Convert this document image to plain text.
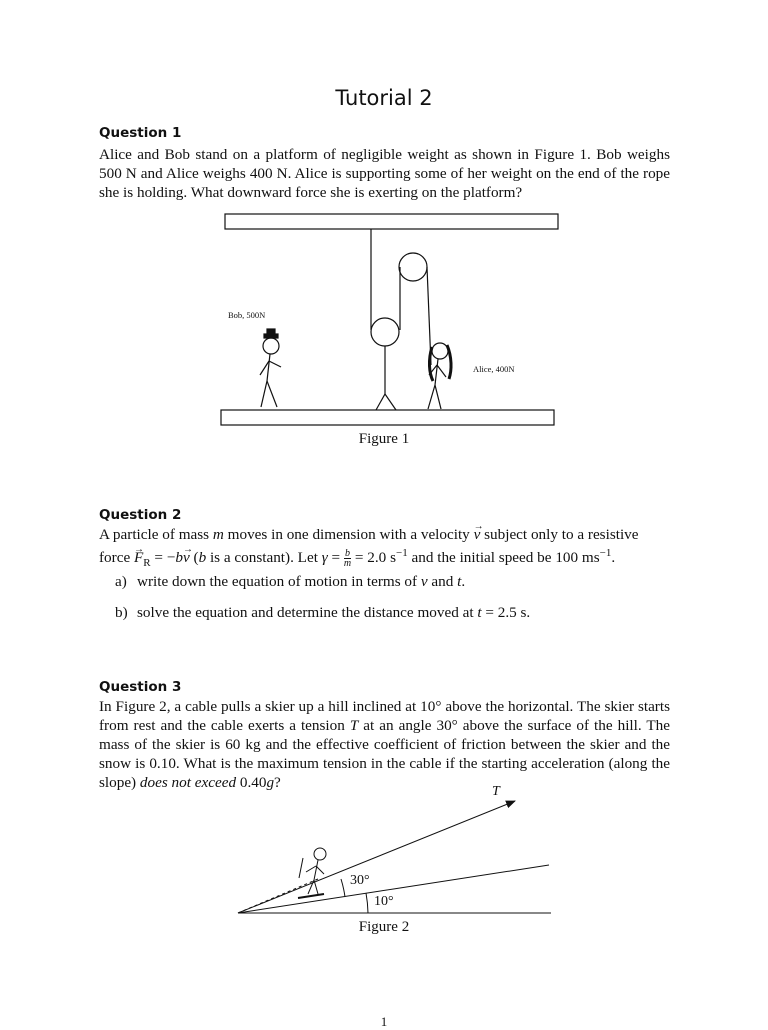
Tutorial 2
Question 1

Alice and Bob stand on a platform of negligible weight as shown in Figure 1. Bob weighs 500 N and Alice weighs 400 N. Alice is supporting some of her weight on the end of the rope she is holding. What downward force she is exerting on the platform?

Bob, 500N
Alice, 400N

Figure 1

Question 2

A particle of mass m moves in one dimension with a velocity → v subject only to a resistive

force → $F_R = -b\to v$ (b is a constant). Let $\gamma = \frac{b}{m} = 2.0$ $s^{-1}$ and the initial speed be 100 $ms^{-1}$.

a) write down the equation of motion in terms of v and t.

b) solve the equation and determine the distance moved at t = 2.5 s.

Question 3

In Figure 2, a cable pulls a skier up a hill inclined at 10° above the horizontal. The skier starts from rest and the cable exerts a tension T at an angle 30° above the surface of the hill. The mass of the skier is 60 kg and the effective coefficient of friction between the skier and the snow is 0.10. What is the maximum tension in the cable if the starting acceleration (along the slope) does not exceed 0.40g?

T
30°
10°

Figure 2

1
